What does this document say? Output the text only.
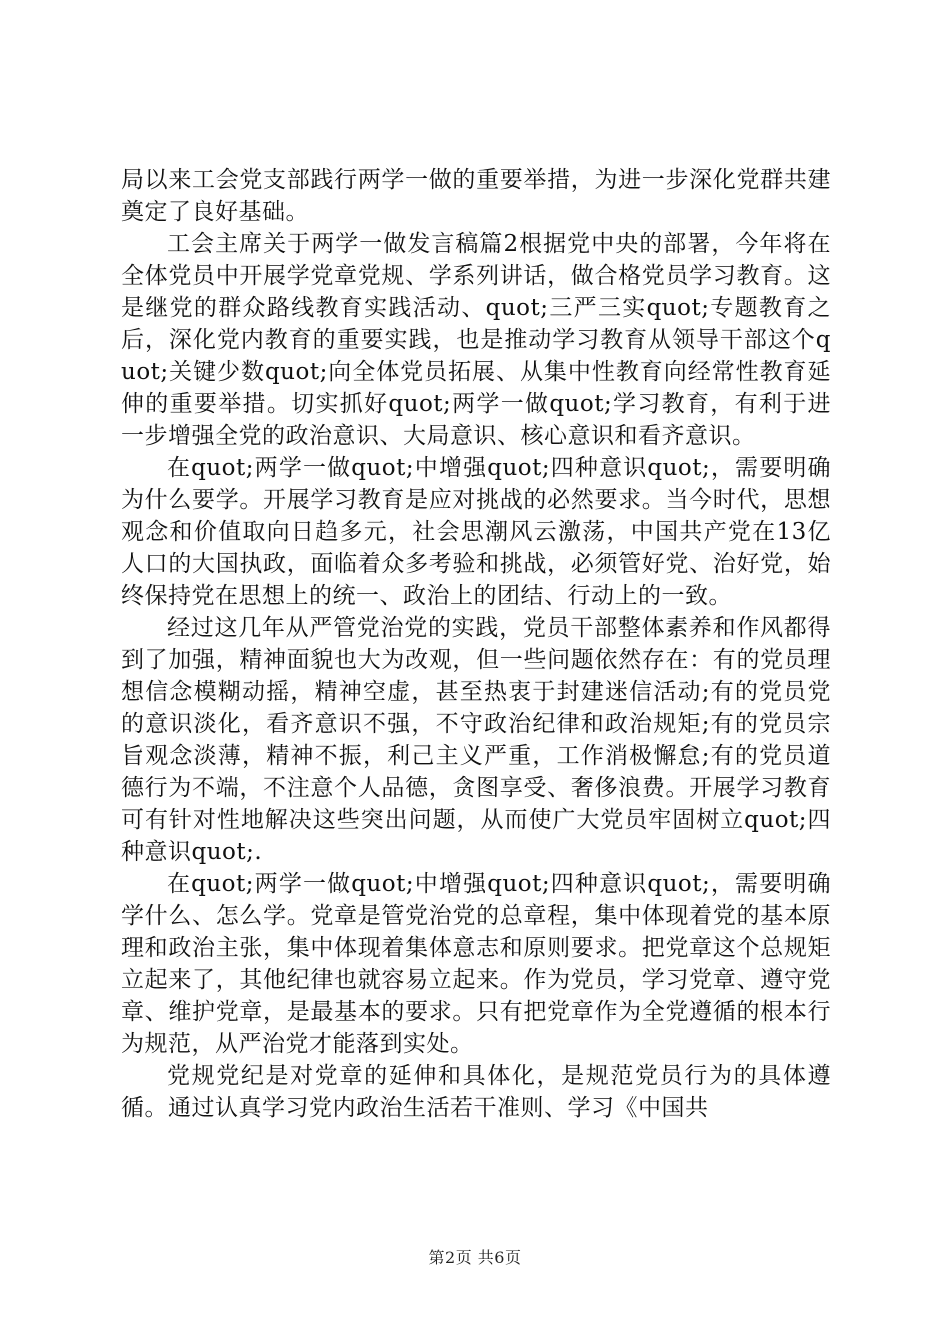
局以来工会党支部践行两学一做的重要举措，为进一步深化党群共建奠定了良好基础。

工会主席关于两学一做发言稿篇2根据党中央的部署，今年将在全体党员中开展学党章党规、学系列讲话，做合格党员学习教育。这是继党的群众路线教育实践活动、quot;三严三实quot;专题教育之后，深化党内教育的重要实践，也是推动学习教育从领导干部这个quot;关键少数quot;向全体党员拓展、从集中性教育向经常性教育延伸的重要举措。切实抓好quot;两学一做quot;学习教育，有利于进一步增强全党的政治意识、大局意识、核心意识和看齐意识。

在quot;两学一做quot;中增强quot;四种意识quot;，需要明确为什么要学。开展学习教育是应对挑战的必然要求。当今时代，思想观念和价值取向日趋多元，社会思潮风云激荡，中国共产党在13亿人口的大国执政，面临着众多考验和挑战，必须管好党、治好党，始终保持党在思想上的统一、政治上的团结、行动上的一致。

经过这几年从严管党治党的实践，党员干部整体素养和作风都得到了加强，精神面貌也大为改观，但一些问题依然存在：有的党员理想信念模糊动摇，精神空虚，甚至热衷于封建迷信活动;有的党员党的意识淡化，看齐意识不强，不守政治纪律和政治规矩;有的党员宗旨观念淡薄，精神不振，利己主义严重，工作消极懈怠;有的党员道德行为不端，不注意个人品德，贪图享受、奢侈浪费。开展学习教育可有针对性地解决这些突出问题，从而使广大党员牢固树立quot;四种意识quot;.

在quot;两学一做quot;中增强quot;四种意识quot;，需要明确学什么、怎么学。党章是管党治党的总章程，集中体现着党的基本原理和政治主张，集中体现着集体意志和原则要求。把党章这个总规矩立起来了，其他纪律也就容易立起来。作为党员，学习党章、遵守党章、维护党章，是最基本的要求。只有把党章作为全党遵循的根本行为规范，从严治党才能落到实处。

党规党纪是对党章的延伸和具体化，是规范党员行为的具体遵循。通过认真学习党内政治生活若干准则、学习《中国共

第2页 共6页
